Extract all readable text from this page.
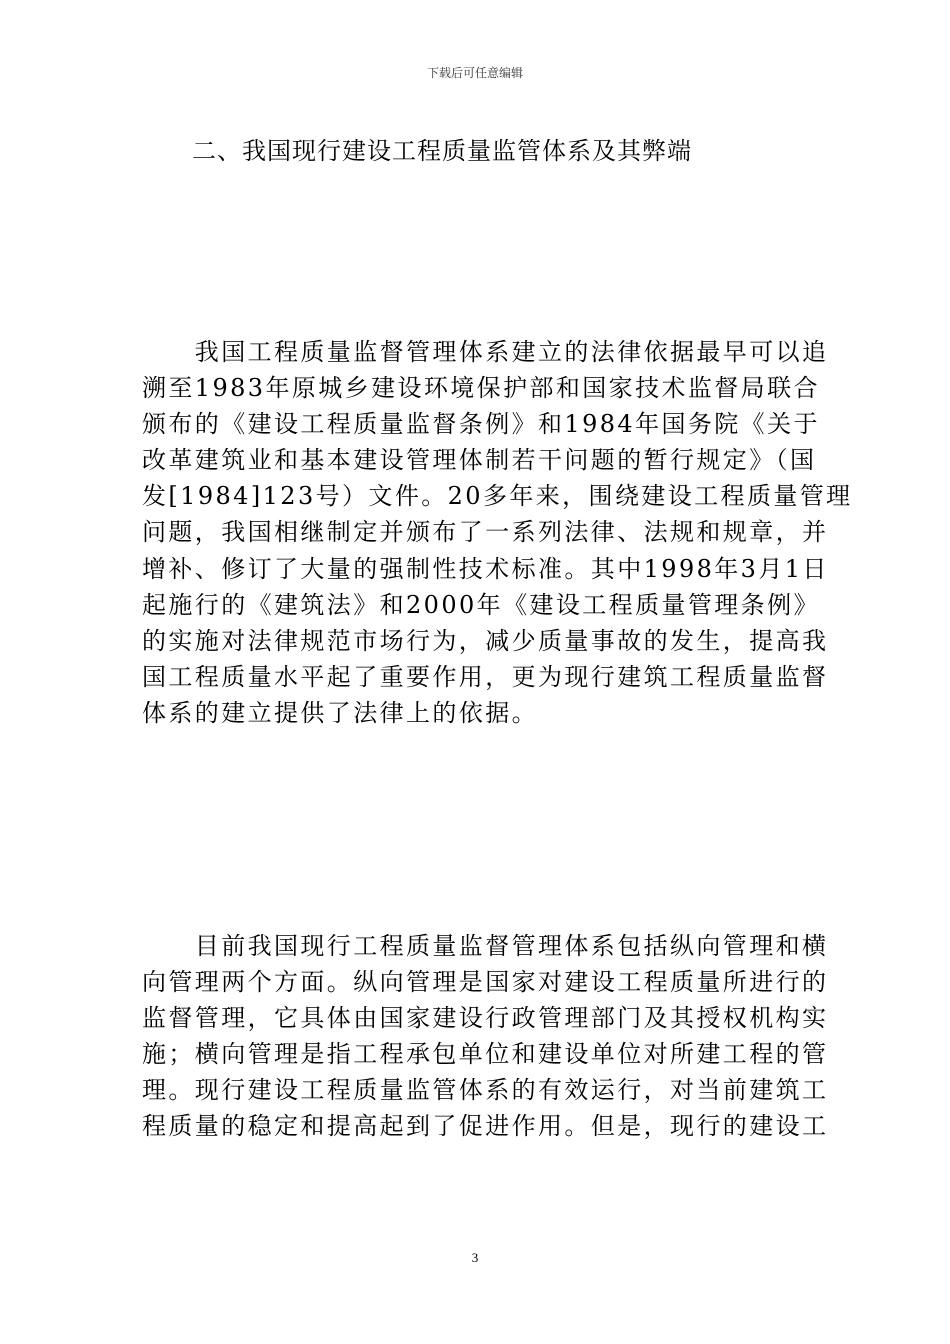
下载后可任意编辑
二、我国现行建设工程质量监管体系及其弊端

　　我国工程质量监督管理体系建立的法律依据最早可以追
溯至1983年原城乡建设环境保护部和国家技术监督局联合
颁布的《建设工程质量监督条例》和1984年国务院《关于
改革建筑业和基本建设管理体制若干问题的暂行规定》（国
发[1984]123号）文件。20多年来，围绕建设工程质量管理
问题，我国相继制定并颁布了一系列法律、法规和规章，并
增补、修订了大量的强制性技术标准。其中1998年3月1日
起施行的《建筑法》和2000年《建设工程质量管理条例》
的实施对法律规范市场行为，减少质量事故的发生，提高我
国工程质量水平起了重要作用，更为现行建筑工程质量监督
体系的建立提供了法律上的依据。

　　目前我国现行工程质量监督管理体系包括纵向管理和横
向管理两个方面。纵向管理是国家对建设工程质量所进行的
监督管理，它具体由国家建设行政管理部门及其授权机构实
施；横向管理是指工程承包单位和建设单位对所建工程的管
理。现行建设工程质量监管体系的有效运行，对当前建筑工
程质量的稳定和提高起到了促进作用。但是，现行的建设工

3
